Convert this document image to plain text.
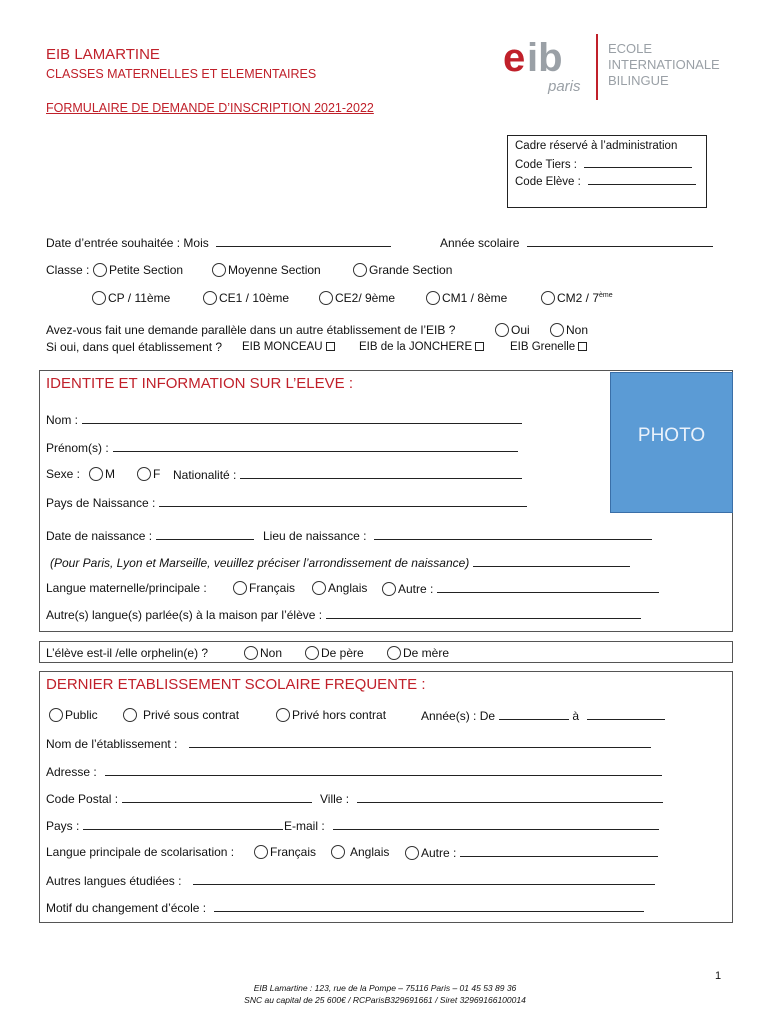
EIB LAMARTINE
CLASSES MATERNELLES ET ELEMENTAIRES
FORMULAIRE DE DEMANDE D’INSCRIPTION 2021-2022
e ib
paris
ECOLE
INTERNATIONALE
BILINGUE
Cadre réservé à l’administration
Code Tiers :
Code Elève :
Date d’entrée souhaitée : Mois	Année scolaire
Classe :	Petite Section	Moyenne Section	Grande Section
CP / 11ème	CE1 / 10ème	CE2/ 9ème	CM1 / 8ème	CM2 / 7ème
Avez-vous fait une demande parallèle dans un autre établissement de l’EIB ?	Oui	Non
Si oui, dans quel établissement ? EIB MONCEAU	EIB de la JONCHERE	EIB Grenelle
IDENTITE ET INFORMATION SUR L’ELEVE :
PHOTO
Nom :
Prénom(s) :
Sexe :	M	F Nationalité :
Pays de Naissance :
Date de naissance :	Lieu de naissance :
(Pour Paris, Lyon et Marseille, veuillez préciser l’arrondissement de naissance)
Langue maternelle/principale :	Français	Anglais	Autre :
Autre(s) langue(s) parlée(s) à la maison par l’élève :
L’élève est-il /elle orphelin(e) ?	Non	De père	De mère
DERNIER ETABLISSEMENT SCOLAIRE FREQUENTE :
Public	Privé sous contrat	Privé hors contrat	Année(s) : De	à
Nom de l’établissement :
Adresse :
Code Postal :	Ville :
Pays :	E-mail :
Langue principale de scolarisation :	Français	Anglais	Autre :
Autres langues étudiées :
Motif du changement d’école :
1
EIB Lamartine : 123, rue de la Pompe – 75116 Paris – 01 45 53 89 36
SNC au capital de 25 600€ / RCParisB329691661 / Siret 32969166100014
